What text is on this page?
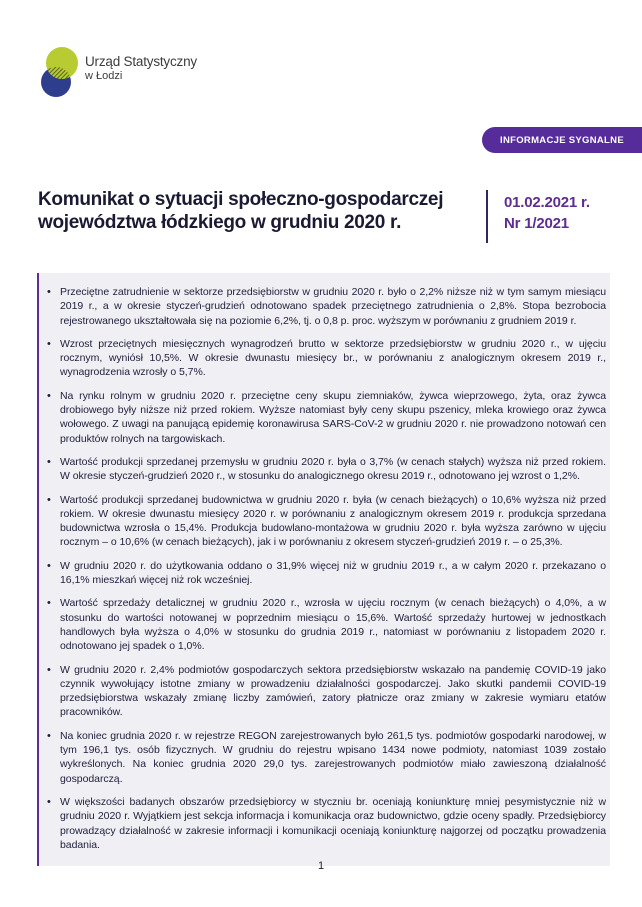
Urząd Statystyczny
w Łodzi
INFORMACJE SYGNALNE
Komunikat o sytuacji społeczno-gospodarczej województwa łódzkiego w grudniu 2020 r.
01.02.2021 r.
Nr 1/2021
• Przeciętne zatrudnienie w sektorze przedsiębiorstw w grudniu 2020 r. było o 2,2% niższe niż w tym samym miesiącu 2019 r., a w okresie styczeń-grudzień odnotowano spadek przeciętnego zatrudnienia o 2,8%. Stopa bezrobocia rejestrowanego ukształtowała się na poziomie 6,2%, tj. o 0,8 p. proc. wyższym w porównaniu z grudniem 2019 r.
• Wzrost przeciętnych miesięcznych wynagrodzeń brutto w sektorze przedsiębiorstw w grudniu 2020 r., w ujęciu rocznym, wyniósł 10,5%. W okresie dwunastu miesięcy br., w porównaniu z analogicznym okresem 2019 r., wynagrodzenia wzrosły o 5,7%.
• Na rynku rolnym w grudniu 2020 r. przeciętne ceny skupu ziemniaków, żywca wieprzowego, żyta, oraz żywca drobiowego były niższe niż przed rokiem. Wyższe natomiast były ceny skupu pszenicy, mleka krowiego oraz żywca wołowego. Z uwagi na panującą epidemię koronawirusa SARS-CoV-2 w grudniu 2020 r. nie prowadzono notowań cen produktów rolnych na targowiskach.
• Wartość produkcji sprzedanej przemysłu w grudniu 2020 r. była o 3,7% (w cenach stałych) wyższa niż przed rokiem. W okresie styczeń-grudzień 2020 r., w stosunku do analogicznego okresu 2019 r., odnotowano jej wzrost o 1,2%.
• Wartość produkcji sprzedanej budownictwa w grudniu 2020 r. była (w cenach bieżących) o 10,6% wyższa niż przed rokiem. W okresie dwunastu miesięcy 2020 r. w porównaniu z analogicznym okresem 2019 r. produkcja sprzedana budownictwa wzrosła o 15,4%. Produkcja budowlano-montażowa w grudniu 2020 r. była wyższa zarówno w ujęciu rocznym – o 10,6% (w cenach bieżących), jak i w porównaniu z okresem styczeń-grudzień 2019 r. – o 25,3%.
• W grudniu 2020 r. do użytkowania oddano o 31,9% więcej niż w grudniu 2019 r., a w całym 2020 r. przekazano o 16,1% mieszkań więcej niż rok wcześniej.
• Wartość sprzedaży detalicznej w grudniu 2020 r., wzrosła w ujęciu rocznym (w cenach bieżących) o 4,0%, a w stosunku do wartości notowanej w poprzednim miesiącu o 15,6%. Wartość sprzedaży hurtowej w jednostkach handlowych była wyższa o 4,0% w stosunku do grudnia 2019 r., natomiast w porównaniu z listopadem 2020 r. odnotowano jej spadek o 1,0%.
• W grudniu 2020 r. 2,4% podmiotów gospodarczych sektora przedsiębiorstw wskazało na pandemię COVID-19 jako czynnik wywołujący istotne zmiany w prowadzeniu działalności gospodarczej. Jako skutki pandemii COVID-19 przedsiębiorstwa wskazały zmianę liczby zamówień, zatory płatnicze oraz zmiany w zakresie wymiaru etatów pracowników.
• Na koniec grudnia 2020 r. w rejestrze REGON zarejestrowanych było 261,5 tys. podmiotów gospodarki narodowej, w tym 196,1 tys. osób fizycznych. W grudniu do rejestru wpisano 1434 nowe podmioty, natomiast 1039 zostało wykreślonych. Na koniec grudnia 2020 29,0 tys. zarejestrowanych podmiotów miało zawieszoną działalność gospodarczą.
• W większości badanych obszarów przedsiębiorcy w styczniu br. oceniają koniunkturę mniej pesymistycznie niż w grudniu 2020 r. Wyjątkiem jest sekcja informacja i komunikacja oraz budownictwo, gdzie oceny spadły. Przedsiębiorcy prowadzący działalność w zakresie informacji i komunikacji oceniają koniunkturę najgorzej od początku prowadzenia badania.
1
